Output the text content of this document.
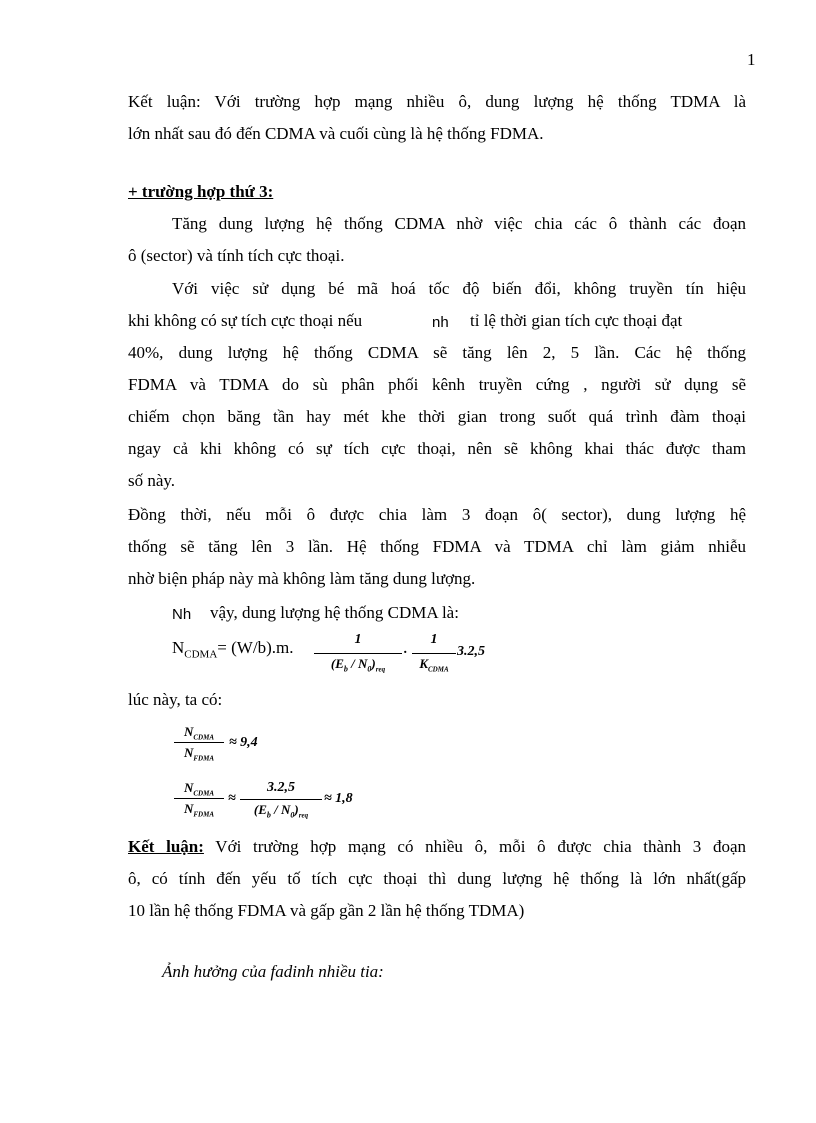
1
Kết luận: Với trường hợp mạng nhiều ô, dung lượng hệ thống TDMA là
lớn nhất sau đó đến CDMA và cuối cùng là hệ thống FDMA.
+ trường hợp thứ 3:
Tăng dung lượng hệ thống CDMA nhờ việc chia các ô thành các đoạn
ô (sector) và tính tích cực thoại.
Với việc sử dụng bé mã hoá tốc độ biến đổi, không truyền tín hiệu
khi không có sự tích cực thoại nếu	nh tỉ lệ thời gian tích cực thoại đạt
40%, dung lượng hệ thống CDMA sẽ tăng lên 2, 5 lần. Các hệ thống
FDMA và TDMA do sù phân phối kênh truyền cứng , người sử dụng sẽ
chiếm chọn băng tần hay mét khe thời gian trong suốt quá trình đàm thoại
ngay cả khi không có sự tích cực thoại, nên sẽ không khai thác được tham
số này.
Đồng thời, nếu mỗi ô được chia làm 3 đoạn ô( sector), dung lượng hệ
thống sẽ tăng lên 3 lần. Hệ thống FDMA và TDMA chỉ làm giảm nhiễu
nhờ biện pháp này mà không làm tăng dung lượng.
Nh vậy, dung lượng hệ thống CDMA là:
$N_{CDMA}= (W/b).m$.	1
$(E_b / N_0)_{req}$
.
1
$K_{CDMA}$
3.2,5
lúc này, ta có:
$N_{CDMA}$
$N_{FDMA}$
≈ 9,4
$N_{CDMA}$
$N_{FDMA}$
≈
3.2,5
$(E_b / N_0)_{req}$
≈ 1,8
Kết luận: Với trường hợp mạng có nhiều ô, mỗi ô được chia thành 3 đoạn
ô, có tính đến yếu tố tích cực thoại thì dung lượng hệ thống là lớn nhất(gấp
10 lần hệ thống FDMA và gấp gần 2 lần hệ thống TDMA)
Ảnh hưởng của fadinh nhiều tia:
